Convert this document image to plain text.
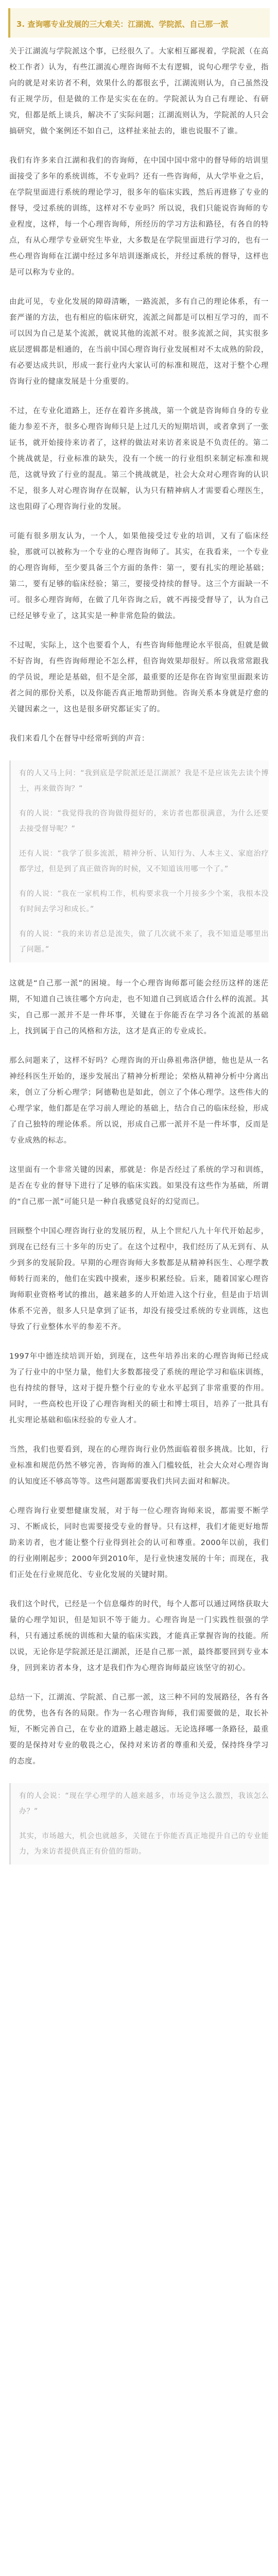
3. 查询哪专业发展的三大难关：江湖流、学院派、自己那一派

关于江湖流与学院派这个事，已经很久了。大家相互鄙视着，学院派（在高校工作者）认为，有些江湖流心理咨询师不太有逻辑，说句心理学专业，指向的就是对来访者不利，效果什么的都很玄乎，江湖流则认为，自己虽然没有正规学历，但是做的工作是实实在在的。学院派认为自己有理论、有研究，但都是纸上谈兵，解决不了实际问题；江湖流则认为，学院派的人只会搞研究，做个案例还不如自己，这样扯来扯去的，谁也说服不了谁。

我们有许多来自江湖和我们的咨询师，在中国中国中常中的督导师的培训里面接受了多年的系统训练，不专业吗？还有一些咨询师，从大学毕业之后，在学院里面进行系统的理论学习，很多年的临床实践，然后再进修了专业的督导，受过系统的训练，这样对不专业吗？所以说，我们只能说咨询师的专业程度，这样，每一个心理咨询师，所经历的学习方法和路径，有各自的特点，有从心理学专业研究生毕业，大多数是在学院里面进行学习的，也有一些心理咨询师在江湖中经过多年培训逐渐成长，并经过系统的督导，这样也是可以称为专业的。

由此可见，专业化发展的障碍清晰，一路流派，多有自己的理论体系，有一套严谨的方法，也有相应的临床研究，流派之间都是可以相互学习的，而不可以因为自己是某个流派，就说其他的流派不对。很多流派之间，其实很多底层逻辑都是相通的，在当前中国心理咨询行业发展相对不太成熟的阶段，有必要达成共识，形成一套行业内大家认可的标准和规范，这对于整个心理咨询行业的健康发展是十分重要的。

不过，在专业化道路上，还存在着许多挑战，第一个就是咨询师自身的专业能力参差不齐，很多心理咨询师只是上过几天的短期培训，或者拿到了一张证书，就开始接待来访者了，这样的做法对来访者来说是不负责任的。第二个挑战就是，行业标准的缺失，没有一个统一的行业组织来制定标准和规范，这就导致了行业的混乱。第三个挑战就是，社会大众对心理咨询的认识不足，很多人对心理咨询存在误解，认为只有精神病人才需要看心理医生，这也阻碍了心理咨询行业的发展。

可能有很多朋友认为，一个人，如果他接受过专业的培训，又有了临床经验，那就可以被称为一个专业的心理咨询师了。其实，在我看来，一个专业的心理咨询师，至少要具备三个方面的条件：第一，要有扎实的理论基础；第二，要有足够的临床经验；第三，要接受持续的督导。这三个方面缺一不可。很多心理咨询师，在做了几年咨询之后，就不再接受督导了，认为自己已经足够专业了，这其实是一种非常危险的做法。

不过呢，实际上，这个也要看个人，有些咨询师他理论水平很高，但就是做不好咨询，有些咨询师理论不怎么样，但咨询效果却很好。所以我常常跟我的学员说，理论是基础，但不是全部，最重要的还是你在咨询室里面跟来访者之间的那份关系，以及你能否真正地帮助到他。咨询关系本身就是疗愈的关键因素之一，这也是很多研究都证实了的。

我们来看几个在督导中经常听到的声音：

有的人又马上问：“我到底是学院派还是江湖派？我是不是应该先去读个博士，再来做咨询？”

有的人说：“我觉得我的咨询做得挺好的，来访者也都很满意，为什么还要去接受督导呢？”

还有人说：“我学了很多流派，精神分析、认知行为、人本主义、家庭治疗都学过，但是到了真正做咨询的时候，又不知道该用哪一个了。”

有的人说：“我在一家机构工作，机构要求我一个月接多少个案，我根本没有时间去学习和成长。”

有的人说：“我的来访者总是流失，做了几次就不来了，我不知道是哪里出了问题。”

这就是“自己那一派”的困境。每一个心理咨询师都可能会经历这样的迷茫期，不知道自己该往哪个方向走，也不知道自己到底适合什么样的流派。其实，自己那一派并不是一件坏事，关键在于你能否在学习各个流派的基础上，找到属于自己的风格和方法，这才是真正的专业成长。

那么问题来了，这样不好吗？心理咨询的开山鼻祖弗洛伊德，他也是从一名神经科医生开始的，逐步发展出了精神分析理论；荣格从精神分析中分离出来，创立了分析心理学；阿德勒也是如此，创立了个体心理学。这些伟大的心理学家，他们都是在学习前人理论的基础上，结合自己的临床经验，形成了自己独特的理论体系。所以说，形成自己那一派并不是一件坏事，反而是专业成熟的标志。

这里面有一个非常关键的因素，那就是：你是否经过了系统的学习和训练，是否在专业的督导下进行了足够的临床实践。如果没有这些作为基础，所谓的“自己那一派”可能只是一种自我感觉良好的幻觉而已。

回顾整个中国心理咨询行业的发展历程，从上个世纪八九十年代开始起步，到现在已经有三十多年的历史了。在这个过程中，我们经历了从无到有、从少到多的发展阶段。早期的心理咨询师大多数都是从精神科医生、心理学教师转行而来的，他们在实践中摸索，逐步积累经验。后来，随着国家心理咨询师职业资格考试的推出，越来越多的人开始进入这个行业，但是由于培训体系不完善，很多人只是拿到了证书，却没有接受过系统的专业训练，这也导致了行业整体水平的参差不齐。

1997年中德连续培训开始，到现在，这些年培养出来的心理咨询师已经成为了行业中的中坚力量，他们大多数都接受了系统的理论学习和临床训练，也有持续的督导，这对于提升整个行业的专业水平起到了非常重要的作用。同时，一些高校也开设了心理咨询相关的硕士和博士项目，培养了一批具有扎实理论基础和临床经验的专业人才。

当然，我们也要看到，现在的心理咨询行业仍然面临着很多挑战。比如，行业标准和规范仍然不够完善，咨询师的准入门槛较低，社会大众对心理咨询的认知度还不够高等等。这些问题都需要我们共同去面对和解决。

心理咨询行业要想健康发展，对于每一位心理咨询师来说，都需要不断学习、不断成长，同时也需要接受专业的督导。只有这样，我们才能更好地帮助来访者，也才能让整个行业得到社会的认可和尊重。2000年以前，我们的行业刚刚起步；2000年到2010年，是行业快速发展的十年；而现在，我们正处在行业规范化、专业化发展的关键时期。

我们这个时代，已经是一个信息爆炸的时代，每个人都可以通过网络获取大量的心理学知识，但是知识不等于能力。心理咨询是一门实践性很强的学科，只有通过系统的训练和大量的临床实践，才能真正掌握咨询的技能。所以说，无论你是学院派还是江湖派，还是自己那一派，最终都要回到专业本身，回到来访者本身，这才是我们作为心理咨询师最应该坚守的初心。

总结一下，江湖流、学院派、自己那一派，这三种不同的发展路径，各有各的优势，也各有各的局限。作为一名心理咨询师，我们需要做的是，取长补短，不断完善自己，在专业的道路上越走越远。无论选择哪一条路径，最重要的是保持对专业的敬畏之心，保持对来访者的尊重和关爱，保持终身学习的态度。

有的人会说：“现在学心理学的人越来越多，市场竞争这么激烈，我该怎么办？”

其实，市场越大，机会也就越多，关键在于你能否真正地提升自己的专业能力，为来访者提供真正有价值的帮助。
